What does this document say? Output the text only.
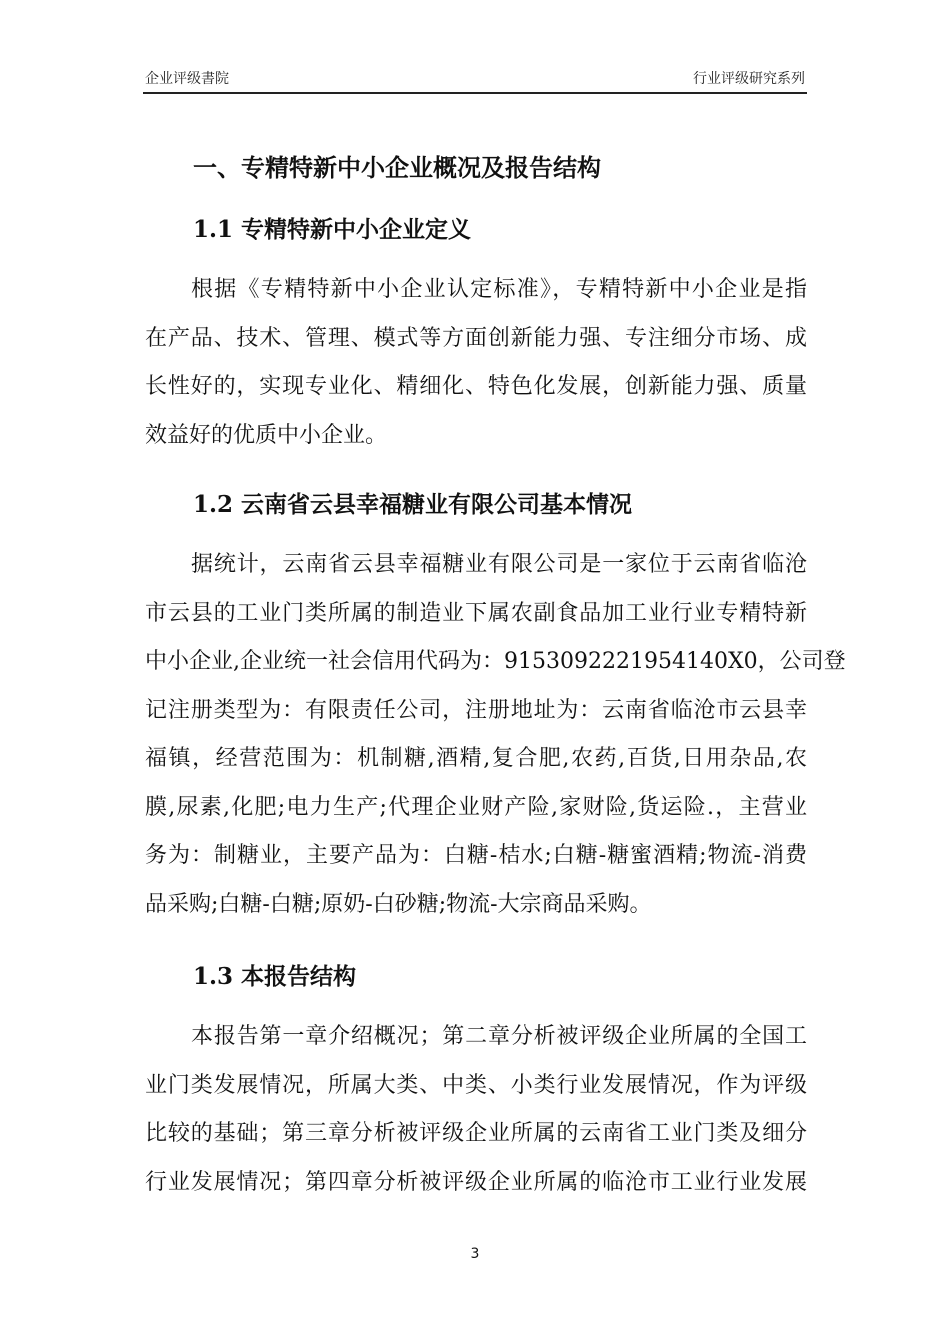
企业评级書院	行业评级研究系列
一、专精特新中小企业概况及报告结构
1.1 专精特新中小企业定义
根据《专精特新中小企业认定标准》，专精特新中小企业是指
在产品、技术、管理、模式等方面创新能力强、专注细分市场、成
长性好的，实现专业化、精细化、特色化发展，创新能力强、质量
效益好的优质中小企业。
1.2 云南省云县幸福糖业有限公司基本情况
据统计，云南省云县幸福糖业有限公司是一家位于云南省临沧
市云县的工业门类所属的制造业下属农副食品加工业行业专精特新
中小企业,企业统一社会信用代码为：9153092221954140X0，公司登
记注册类型为：有限责任公司，注册地址为：云南省临沧市云县幸
福镇，经营范围为：机制糖,酒精,复合肥,农药,百货,日用杂品,农
膜,尿素,化肥;电力生产;代理企业财产险,家财险,货运险.，主营业
务为：制糖业，主要产品为：白糖-桔水;白糖-糖蜜酒精;物流-消费
品采购;白糖-白糖;原奶-白砂糖;物流-大宗商品采购。
1.3 本报告结构
本报告第一章介绍概况；第二章分析被评级企业所属的全国工
业门类发展情况，所属大类、中类、小类行业发展情况，作为评级
比较的基础；第三章分析被评级企业所属的云南省工业门类及细分
行业发展情况；第四章分析被评级企业所属的临沧市工业行业发展
3
